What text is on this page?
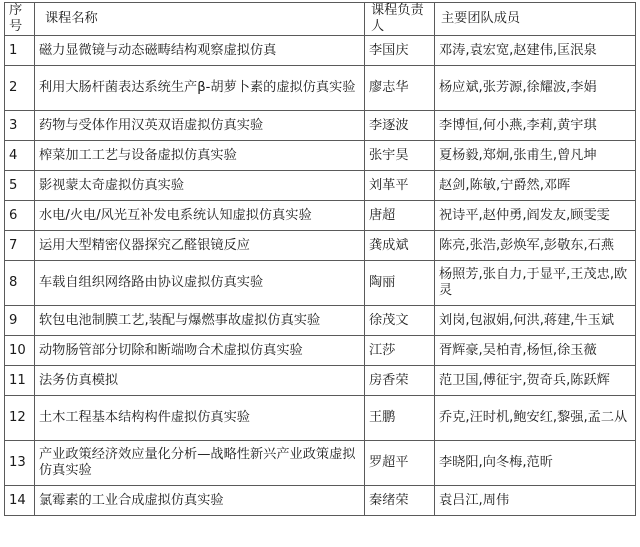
序号	课程名称	课程负责人	主要团队成员
1	磁力显微镜与动态磁畴结构观察虚拟仿真	李国庆	邓涛,袁宏宽,赵建伟,匡泯泉
2	利用大肠杆菌表达系统生产β-胡萝卜素的虚拟仿真实验	廖志华	杨应斌,张芳源,徐耀波,李娟
3	药物与受体作用汉英双语虚拟仿真实验	李逐波	李博恒,何小燕,李莉,黄宇琪
4	榨菜加工工艺与设备虚拟仿真实验	张宇昊	夏杨毅,郑炯,张甫生,曾凡坤
5	影视蒙太奇虚拟仿真实验	刘革平	赵剑,陈敏,宁爵然,邓晖
6	水电/火电/风光互补发电系统认知虚拟仿真实验	唐超	祝诗平,赵仲勇,阎发友,顾雯雯
7	运用大型精密仪器探究乙醛银镜反应	龚成斌	陈亮,张浩,彭焕军,彭敬东,石燕
8	车载自组织网络路由协议虚拟仿真实验	陶丽	杨照芳,张自力,于显平,王茂忠,欧灵
9	软包电池制膜工艺,装配与爆燃事故虚拟仿真实验	徐茂文	刘岗,包淑娟,何洪,蒋建,牛玉斌
10	动物肠管部分切除和断端吻合术虚拟仿真实验	江莎	胥辉豪,吴柏青,杨恒,徐玉薇
11	法务仿真模拟	房香荣	范卫国,傅征宇,贺奇兵,陈跃辉
12	土木工程基本结构构件虚拟仿真实验	王鹏	乔克,汪时机,鲍安红,黎强,孟二从
13	产业政策经济效应量化分析—战略性新兴产业政策虚拟仿真实验	罗超平	李晓阳,向冬梅,范昕
14	氯霉素的工业合成虚拟仿真实验	秦绪荣	袁吕江,周伟
